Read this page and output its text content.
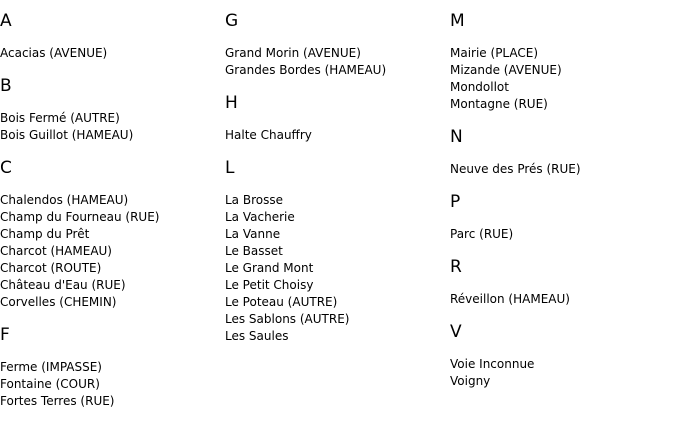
A
Acacias (AVENUE)
B
Bois Fermé (AUTRE)
Bois Guillot (HAMEAU)
C
Chalendos (HAMEAU)
Champ du Fourneau (RUE)
Champ du Prêt
Charcot (HAMEAU)
Charcot (ROUTE)
Château d'Eau (RUE)
Corvelles (CHEMIN)
F
Ferme (IMPASSE)
Fontaine (COUR)
Fortes Terres (RUE)
G
Grand Morin (AVENUE)
Grandes Bordes (HAMEAU)
H
Halte Chauffry
L
La Brosse
La Vacherie
La Vanne
Le Basset
Le Grand Mont
Le Petit Choisy
Le Poteau (AUTRE)
Les Sablons (AUTRE)
Les Saules
M
Mairie (PLACE)
Mizande (AVENUE)
Mondollot
Montagne (RUE)
N
Neuve des Prés (RUE)
P
Parc (RUE)
R
Réveillon (HAMEAU)
V
Voie Inconnue
Voigny
